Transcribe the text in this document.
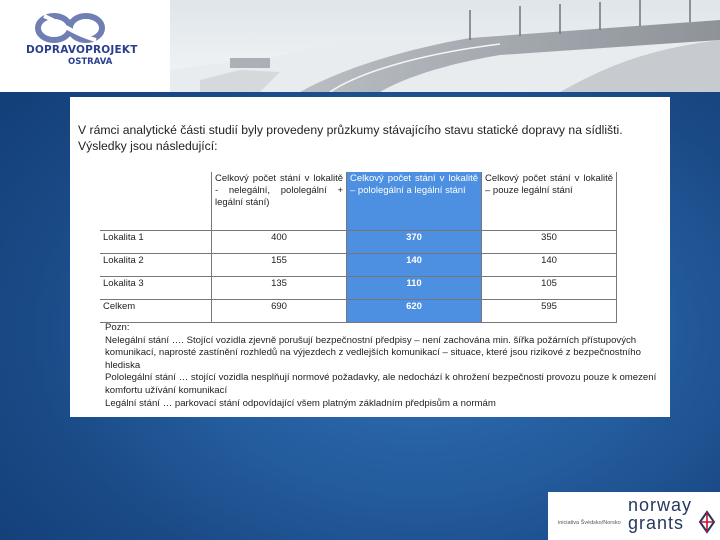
DOPRAVOPROJEKT
OSTRAVA
V rámci analytické části studií byly provedeny průzkumy stávajícího stavu statické dopravy na sídlišti. Výsledky jsou následující:
	Celkový počet stání v lokalitě - nelegální, pololegální + legální stání)	Celkový počet stání v lokalitě – pololegální a legální stání	Celkový počet stání v lokalitě – pouze legální stání
Lokalita 1	400	370	350
Lokalita 2	155	140	140
Lokalita 3	135	110	105
Celkem	690	620	595
Pozn:
Nelegální stání …. Stojící vozidla zjevně porušují bezpečnostní předpisy – není zachována min. šířka požárních přístupových komunikací, naprosté zastínění rozhledů na výjezdech z vedlejších komunikací – situace, které jsou rizikové z bezpečnostního hlediska
Pololegální stání … stojící vozidla nesplňují normové požadavky, ale nedochází k ohrožení bezpečnosti provozu pouze k omezení komfortu užívání komunikací
Legální stání … parkovací stání odpovídající všem platným základním předpisům a normám
iniciativa Švédsko/Norsko
norway
grants
